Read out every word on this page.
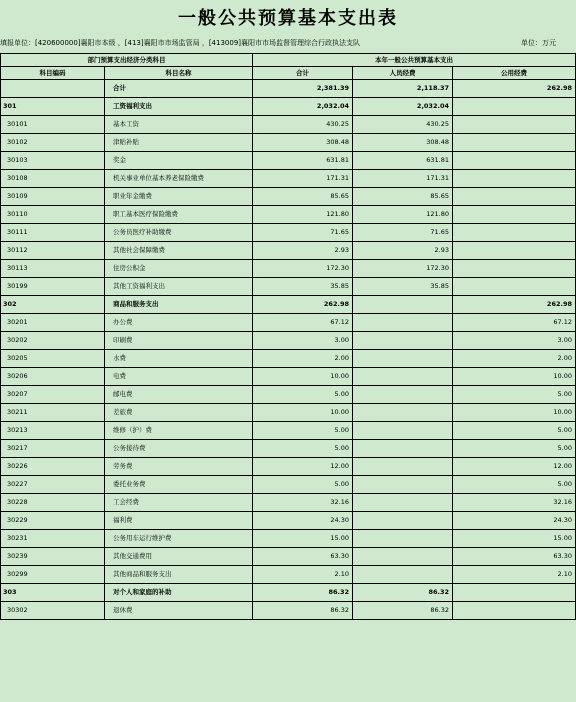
一般公共预算基本支出表
填报单位：[420600000]襄阳市本级 ，[413]襄阳市市场监管局 ，[413009]襄阳市市场监督管理综合行政执法支队	单位：万元
部门预算支出经济分类科目		本年一般公共预算基本支出		
科目编码	科目名称	合计	人员经费	公用经费
	合计	2,381.39	2,118.37	262.98
301	工资福利支出	2,032.04	2,032.04	
30101	基本工资	430.25	430.25	
30102	津贴补贴	308.48	308.48	
30103	奖金	631.81	631.81	
30108	机关事业单位基本养老保险缴费	171.31	171.31	
30109	职业年金缴费	85.65	85.65	
30110	职工基本医疗保险缴费	121.80	121.80	
30111	公务员医疗补助缴费	71.65	71.65	
30112	其他社会保障缴费	2.93	2.93	
30113	住房公积金	172.30	172.30	
30199	其他工资福利支出	35.85	35.85	
302	商品和服务支出	262.98		262.98
30201	办公费	67.12		67.12
30202	印刷费	3.00		3.00
30205	水费	2.00		2.00
30206	电费	10.00		10.00
30207	邮电费	5.00		5.00
30211	差旅费	10.00		10.00
30213	维修（护）费	5.00		5.00
30217	公务接待费	5.00		5.00
30226	劳务费	12.00		12.00
30227	委托业务费	5.00		5.00
30228	工会经费	32.16		32.16
30229	福利费	24.30		24.30
30231	公务用车运行维护费	15.00		15.00
30239	其他交通费用	63.30		63.30
30299	其他商品和服务支出	2.10		2.10
303	对个人和家庭的补助	86.32	86.32	
30302	退休费	86.32	86.32	
